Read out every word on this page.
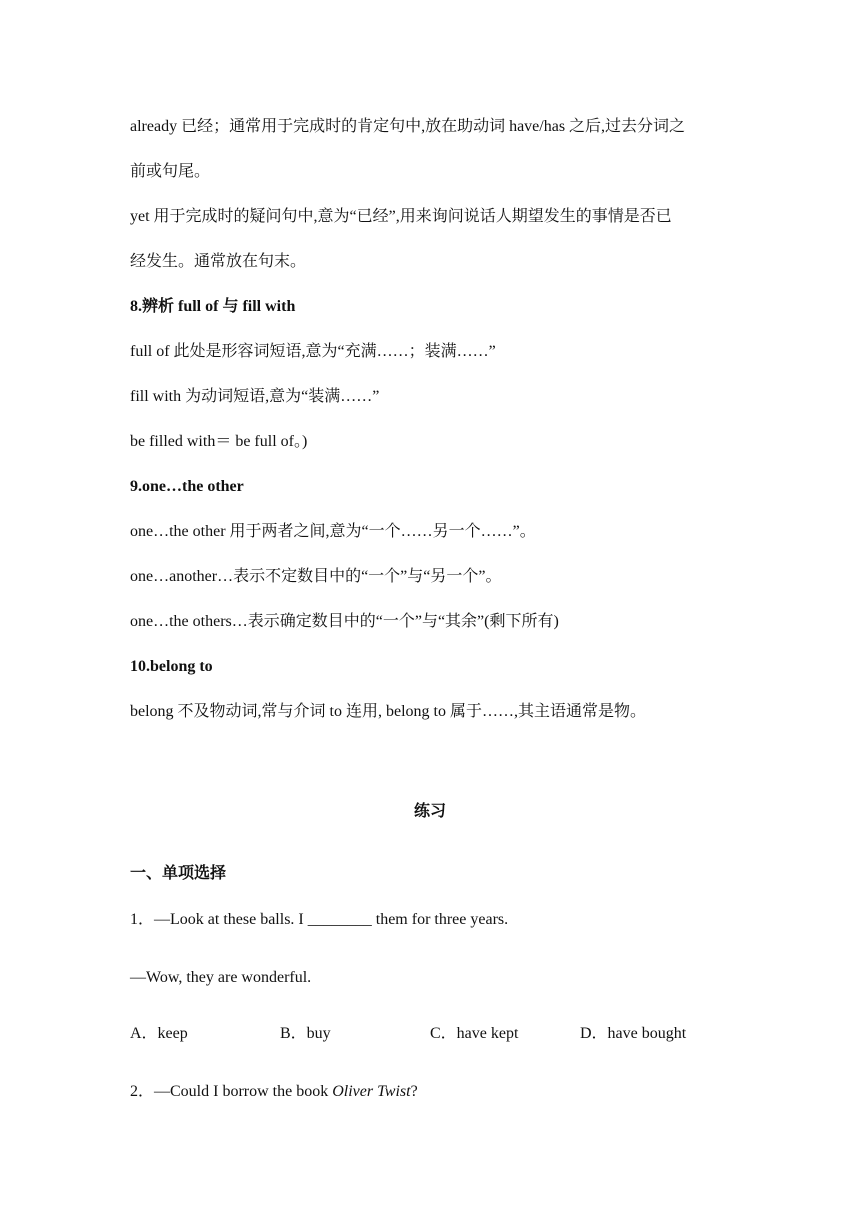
already 已经；通常用于完成时的肯定句中,放在助动词 have/has 之后,过去分词之
前或句尾。
yet 用于完成时的疑问句中,意为“已经”,用来询问说话人期望发生的事情是否已
经发生。通常放在句末。
8.辨析 full of 与 fill with
full of 此处是形容词短语,意为“充满……；装满……”
fill with 为动词短语,意为“装满……”
be filled with＝ be full of。)
9.one…the other
one…the other 用于两者之间,意为“一个……另一个……”。
one…another…表示不定数目中的“一个”与“另一个”。
one…the others…表示确定数目中的“一个”与“其余”(剩下所有)
10.belong to
belong 不及物动词,常与介词 to 连用, belong to 属于……,其主语通常是物。
练习
一、单项选择
1．—Look at these balls. I ________ them for three years.
—Wow, they are wonderful.
A．keep	B．buy	C．have kept	D．have bought
2．—Could I borrow the book Oliver Twist?
